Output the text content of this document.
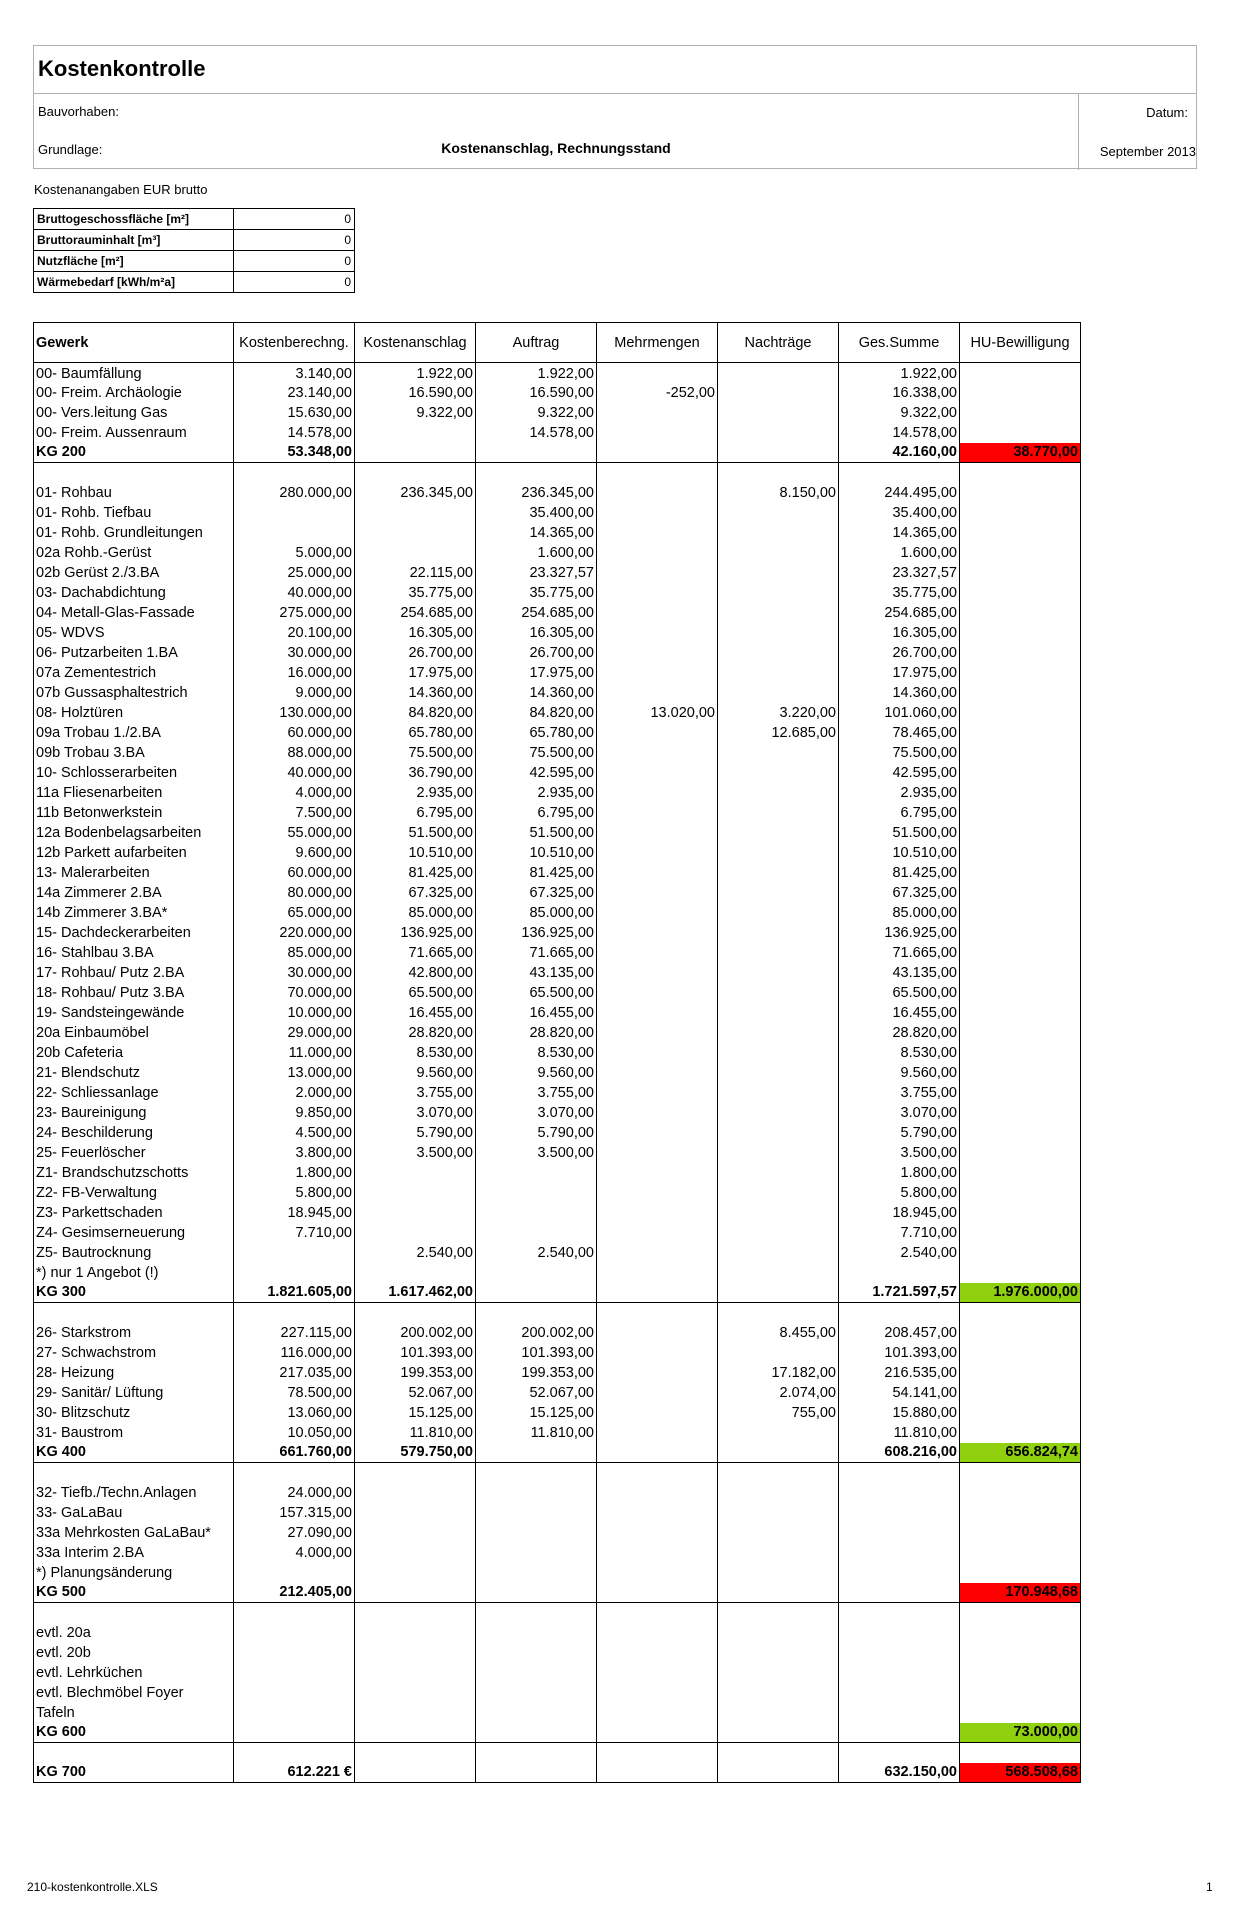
Kostenkontrolle
Bauvorhaben:
Grundlage:	Kostenanschlag, Rechnungsstand
Datum:
September 2013
Kostenanangaben EUR brutto
Bruttogeschossfläche [m²]	0
Bruttorauminhalt [m³]	0
Nutzfläche [m²]	0
Wärmebedarf [kWh/m²a]	0
Gewerk	Kostenberechng.	Kostenanschlag	Auftrag	Mehrmengen	Nachträge	Ges.Summe	HU-Bewilligung
00- Baumfällung	3.140,00	1.922,00	1.922,00			1.922,00	
00- Freim. Archäologie	23.140,00	16.590,00	16.590,00	-252,00		16.338,00	
00- Vers.leitung Gas	15.630,00	9.322,00	9.322,00			9.322,00	
00- Freim. Aussenraum	14.578,00		14.578,00			14.578,00	
KG 200	53.348,00					42.160,00	38.770,00

01- Rohbau	280.000,00	236.345,00	236.345,00		8.150,00	244.495,00	
01- Rohb. Tiefbau			35.400,00			35.400,00	
01- Rohb. Grundleitungen			14.365,00			14.365,00	
02a Rohb.-Gerüst	5.000,00		1.600,00			1.600,00	
02b Gerüst 2./3.BA	25.000,00	22.115,00	23.327,57			23.327,57	
03- Dachabdichtung	40.000,00	35.775,00	35.775,00			35.775,00	
04- Metall-Glas-Fassade	275.000,00	254.685,00	254.685,00			254.685,00	
05- WDVS	20.100,00	16.305,00	16.305,00			16.305,00	
06- Putzarbeiten 1.BA	30.000,00	26.700,00	26.700,00			26.700,00	
07a Zementestrich	16.000,00	17.975,00	17.975,00			17.975,00	
07b Gussasphaltestrich	9.000,00	14.360,00	14.360,00			14.360,00	
08- Holztüren	130.000,00	84.820,00	84.820,00	13.020,00	3.220,00	101.060,00	
09a Trobau 1./2.BA	60.000,00	65.780,00	65.780,00		12.685,00	78.465,00	
09b Trobau 3.BA	88.000,00	75.500,00	75.500,00			75.500,00	
10- Schlosserarbeiten	40.000,00	36.790,00	42.595,00			42.595,00	
11a Fliesenarbeiten	4.000,00	2.935,00	2.935,00			2.935,00	
11b Betonwerkstein	7.500,00	6.795,00	6.795,00			6.795,00	
12a Bodenbelagsarbeiten	55.000,00	51.500,00	51.500,00			51.500,00	
12b Parkett aufarbeiten	9.600,00	10.510,00	10.510,00			10.510,00	
13- Malerarbeiten	60.000,00	81.425,00	81.425,00			81.425,00	
14a Zimmerer 2.BA	80.000,00	67.325,00	67.325,00			67.325,00	
14b Zimmerer 3.BA*	65.000,00	85.000,00	85.000,00			85.000,00	
15- Dachdeckerarbeiten	220.000,00	136.925,00	136.925,00			136.925,00	
16- Stahlbau 3.BA	85.000,00	71.665,00	71.665,00			71.665,00	
17- Rohbau/ Putz 2.BA	30.000,00	42.800,00	43.135,00			43.135,00	
18- Rohbau/ Putz 3.BA	70.000,00	65.500,00	65.500,00			65.500,00	
19- Sandsteingewände	10.000,00	16.455,00	16.455,00			16.455,00	
20a Einbaumöbel	29.000,00	28.820,00	28.820,00			28.820,00	
20b Cafeteria	11.000,00	8.530,00	8.530,00			8.530,00	
21- Blendschutz	13.000,00	9.560,00	9.560,00			9.560,00	
22- Schliessanlage	2.000,00	3.755,00	3.755,00			3.755,00	
23- Baureinigung	9.850,00	3.070,00	3.070,00			3.070,00	
24- Beschilderung	4.500,00	5.790,00	5.790,00			5.790,00	
25- Feuerlöscher	3.800,00	3.500,00	3.500,00			3.500,00	
Z1- Brandschutzschotts	1.800,00					1.800,00	
Z2- FB-Verwaltung	5.800,00					5.800,00	
Z3- Parkettschaden	18.945,00					18.945,00	
Z4- Gesimserneuerung	7.710,00					7.710,00	
Z5- Bautrocknung		2.540,00	2.540,00			2.540,00	
*) nur 1 Angebot (!)							
KG 300	1.821.605,00	1.617.462,00				1.721.597,57	1.976.000,00

26- Starkstrom	227.115,00	200.002,00	200.002,00		8.455,00	208.457,00	
27- Schwachstrom	116.000,00	101.393,00	101.393,00			101.393,00	
28- Heizung	217.035,00	199.353,00	199.353,00		17.182,00	216.535,00	
29- Sanitär/ Lüftung	78.500,00	52.067,00	52.067,00		2.074,00	54.141,00	
30- Blitzschutz	13.060,00	15.125,00	15.125,00		755,00	15.880,00	
31- Baustrom	10.050,00	11.810,00	11.810,00			11.810,00	
KG 400	661.760,00	579.750,00				608.216,00	656.824,74

32- Tiefb./Techn.Anlagen	24.000,00						
33- GaLaBau	157.315,00						
33a Mehrkosten GaLaBau*	27.090,00						
33a Interim 2.BA	4.000,00						
*) Planungsänderung							
KG 500	212.405,00						170.948,68

evtl. 20a							
evtl. 20b							
evtl. Lehrküchen							
evtl. Blechmöbel Foyer							
Tafeln							
KG 600							73.000,00

KG 700	612.221 €					632.150,00	568.508,68
210-kostenkontrolle.XLS	1
